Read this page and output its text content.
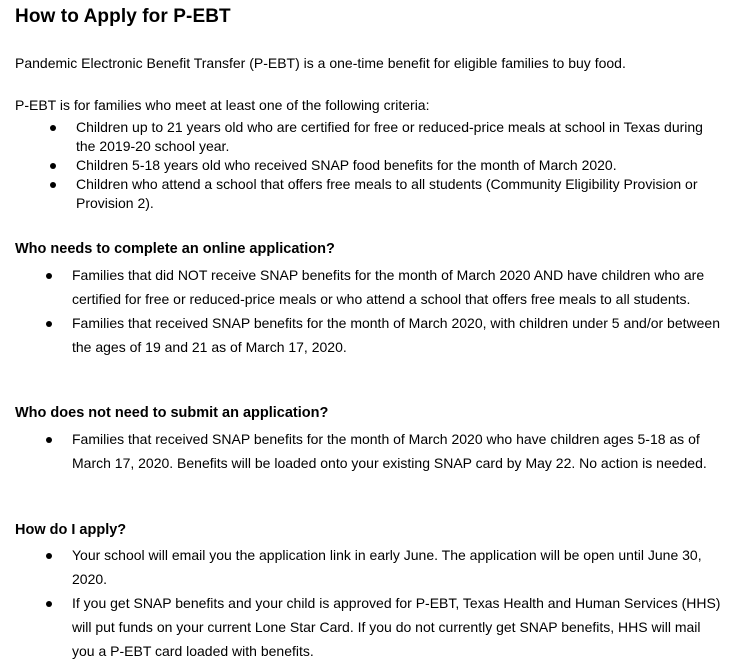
How to Apply for P-EBT

Pandemic Electronic Benefit Transfer (P-EBT) is a one-time benefit for eligible families to buy food.

P-EBT is for families who meet at least one of the following criteria:

Children up to 21 years old who are certified for free or reduced-price meals at school in Texas during the 2019-20 school year.
Children 5-18 years old who received SNAP food benefits for the month of March 2020.
Children who attend a school that offers free meals to all students (Community Eligibility Provision or Provision 2).
Who needs to complete an online application?
Families that did NOT receive SNAP benefits for the month of March 2020 AND have children who are certified for free or reduced-price meals or who attend a school that offers free meals to all students.
Families that received SNAP benefits for the month of March 2020, with children under 5 and/or between the ages of 19 and 21 as of March 17, 2020.
Who does not need to submit an application?
Families that received SNAP benefits for the month of March 2020 who have children ages 5-18 as of March 17, 2020. Benefits will be loaded onto your existing SNAP card by May 22. No action is needed.
How do I apply?
Your school will email you the application link in early June. The application will be open until June 30, 2020.
If you get SNAP benefits and your child is approved for P-EBT, Texas Health and Human Services (HHS) will put funds on your current Lone Star Card. If you do not currently get SNAP benefits, HHS will mail you a P-EBT card loaded with benefits.
